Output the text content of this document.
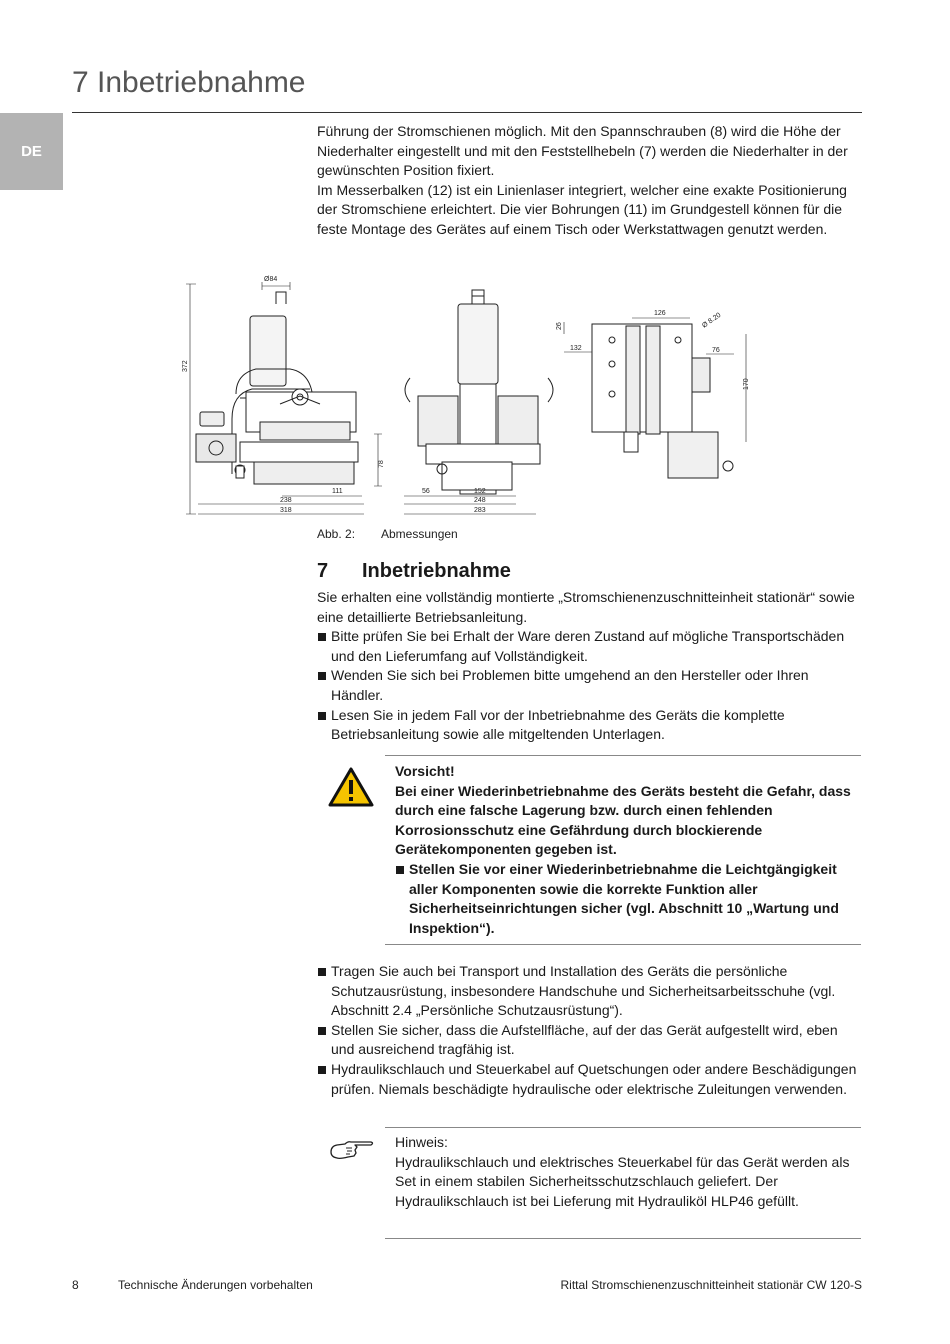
7 Inbetriebnahme
DE

Führung der Stromschienen möglich. Mit den Spannschrauben (8) wird die Höhe der Niederhalter eingestellt und mit den Feststellhebeln (7) werden die Niederhalter in der gewünschten Position fixiert.

Im Messerbalken (12) ist ein Linienlaser integriert, welcher eine exakte Positionierung der Stromschiene erleichtert. Die vier Bohrungen (11) im Grundgestell können für die feste Montage des Gerätes auf einem Tisch oder Werkstattwagen genutzt werden.

Ø84
372
78
111
238
318
56	152
248
283
126	Ø 8.20
26
132	76
170
Abb. 2: Abmessungen
7 Inbetriebnahme

Sie erhalten eine vollständig montierte „Stromschienenzuschnitteinheit stationär“ sowie eine detaillierte Betriebsanleitung.

Bitte prüfen Sie bei Erhalt der Ware deren Zustand auf mögliche Transportschäden und den Lieferumfang auf Vollständigkeit.
Wenden Sie sich bei Problemen bitte umgehend an den Hersteller oder Ihren Händler.
Lesen Sie in jedem Fall vor der Inbetriebnahme des Geräts die komplette Betriebsanleitung sowie alle mitgeltenden Unterlagen.
Vorsicht!
Bei einer Wiederinbetriebnahme des Geräts besteht die Gefahr, dass durch eine falsche Lagerung bzw. durch einen fehlenden Korrosionsschutz eine Gefährdung durch blockierende Gerätekomponenten gegeben ist.
Stellen Sie vor einer Wiederinbetriebnahme die Leichtgängigkeit aller Komponenten sowie die korrekte Funktion aller Sicherheitseinrichtungen sicher (vgl. Abschnitt 10 „Wartung und Inspektion“).
Tragen Sie auch bei Transport und Installation des Geräts die persönliche Schutzausrüstung, insbesondere Handschuhe und Sicherheitsarbeitsschuhe (vgl. Abschnitt 2.4 „Persönliche Schutzausrüstung“).
Stellen Sie sicher, dass die Aufstellfläche, auf der das Gerät aufgestellt wird, eben und ausreichend tragfähig ist.
Hydraulikschlauch und Steuerkabel auf Quetschungen oder andere Beschädigungen prüfen. Niemals beschädigte hydraulische oder elektrische Zuleitungen verwenden.
Hinweis:
Hydraulikschlauch und elektrisches Steuerkabel für das Gerät werden als Set in einem stabilen Sicherheitsschutzschlauch geliefert. Der Hydraulikschlauch ist bei Lieferung mit Hydrauliköl HLP46 gefüllt.
8	Technische Änderungen vorbehalten	Rittal Stromschienenzuschnitteinheit stationär CW 120-S
